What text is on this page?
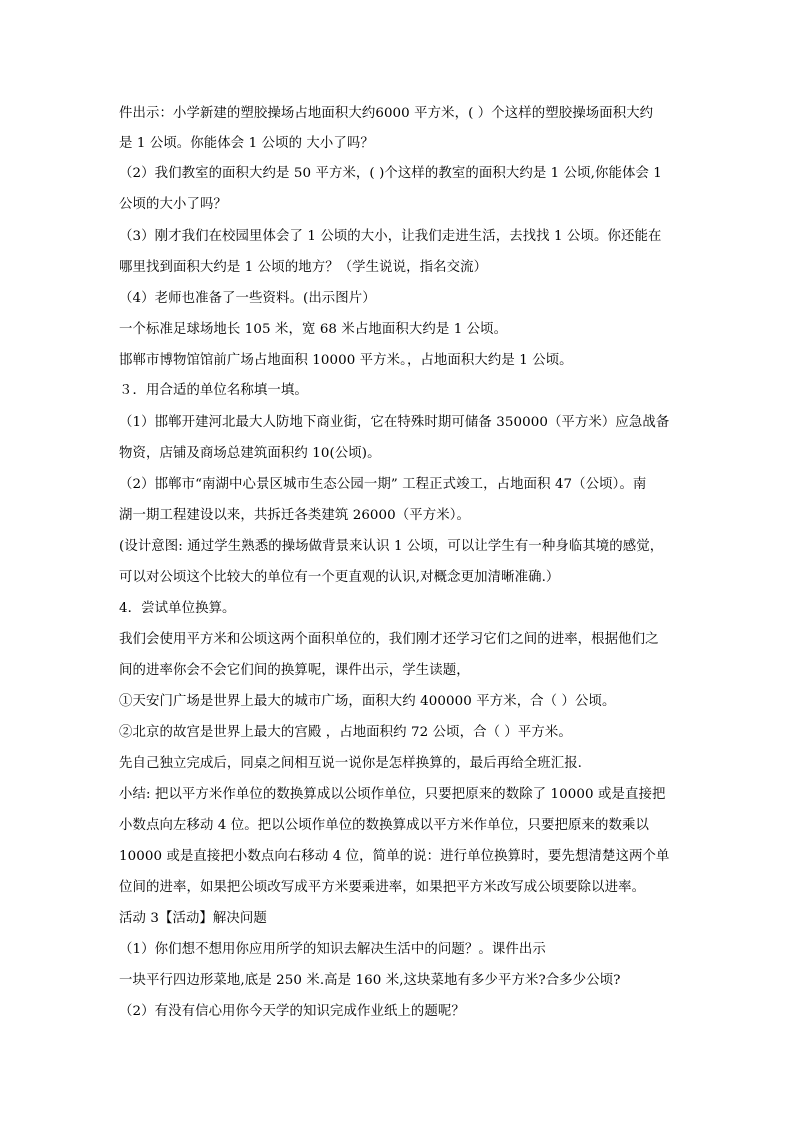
件出示：小学新建的塑胶操场占地面积大约6000 平方米，( ）个这样的塑胶操场面积大约
是 1 公顷。你能体会 1 公顷的 大小了吗？
（2）我们教室的面积大约是 50 平方米，( )个这样的教室的面积大约是 1 公顷,你能体会 1
公顷的大小了吗？
（3）刚才我们在校园里体会了 1 公顷的大小，让我们走进生活，去找找 1 公顷。你还能在
哪里找到面积大约是 1 公顷的地方？（学生说说，指名交流）
（4）老师也准备了一些资料。(出示图片）
一个标准足球场地长 105 米，宽 68 米占地面积大约是 1 公顷。
邯郸市博物馆馆前广场占地面积 10000 平方米。，占地面积大约是 1 公顷。
３．用合适的单位名称填一填。
（1）邯郸开建河北最大人防地下商业街，它在特殊时期可储备 350000（平方米）应急战备
物资，店铺及商场总建筑面积约 10(公顷)。
（2）邯郸市“南湖中心景区城市生态公园一期” 工程正式竣工，占地面积 47（公顷）。南
湖一期工程建设以来，共拆迁各类建筑 26000（平方米）。
(设计意图: 通过学生熟悉的操场做背景来认识 1 公顷，可以让学生有一种身临其境的感觉，
可以对公顷这个比较大的单位有一个更直观的认识,对概念更加清晰准确.）
4．尝试单位换算。
我们会使用平方米和公顷这两个面积单位的，我们刚才还学习它们之间的进率，根据他们之
间的进率你会不会它们间的换算呢，课件出示，学生读题，
①天安门广场是世界上最大的城市广场，面积大约 400000 平方米，合（ ）公顷。
②北京的故宫是世界上最大的宫殿 ，占地面积约 72 公顷，合（ ）平方米。
先自己独立完成后，同桌之间相互说一说你是怎样换算的，最后再给全班汇报.
小结: 把以平方米作单位的数换算成以公顷作单位，只要把原来的数除了 10000 或是直接把
小数点向左移动 4 位。把以公顷作单位的数换算成以平方米作单位，只要把原来的数乘以
10000 或是直接把小数点向右移动 4 位，简单的说：进行单位换算时，要先想清楚这两个单
位间的进率，如果把公顷改写成平方米要乘进率，如果把平方米改写成公顷要除以进率。
活动 3【活动】解决问题
（1）你们想不想用你应用所学的知识去解决生活中的问题？。课件出示
一块平行四边形菜地,底是 250 米.高是 160 米,这块菜地有多少平方米?合多少公顷?
（2）有没有信心用你今天学的知识完成作业纸上的题呢？
